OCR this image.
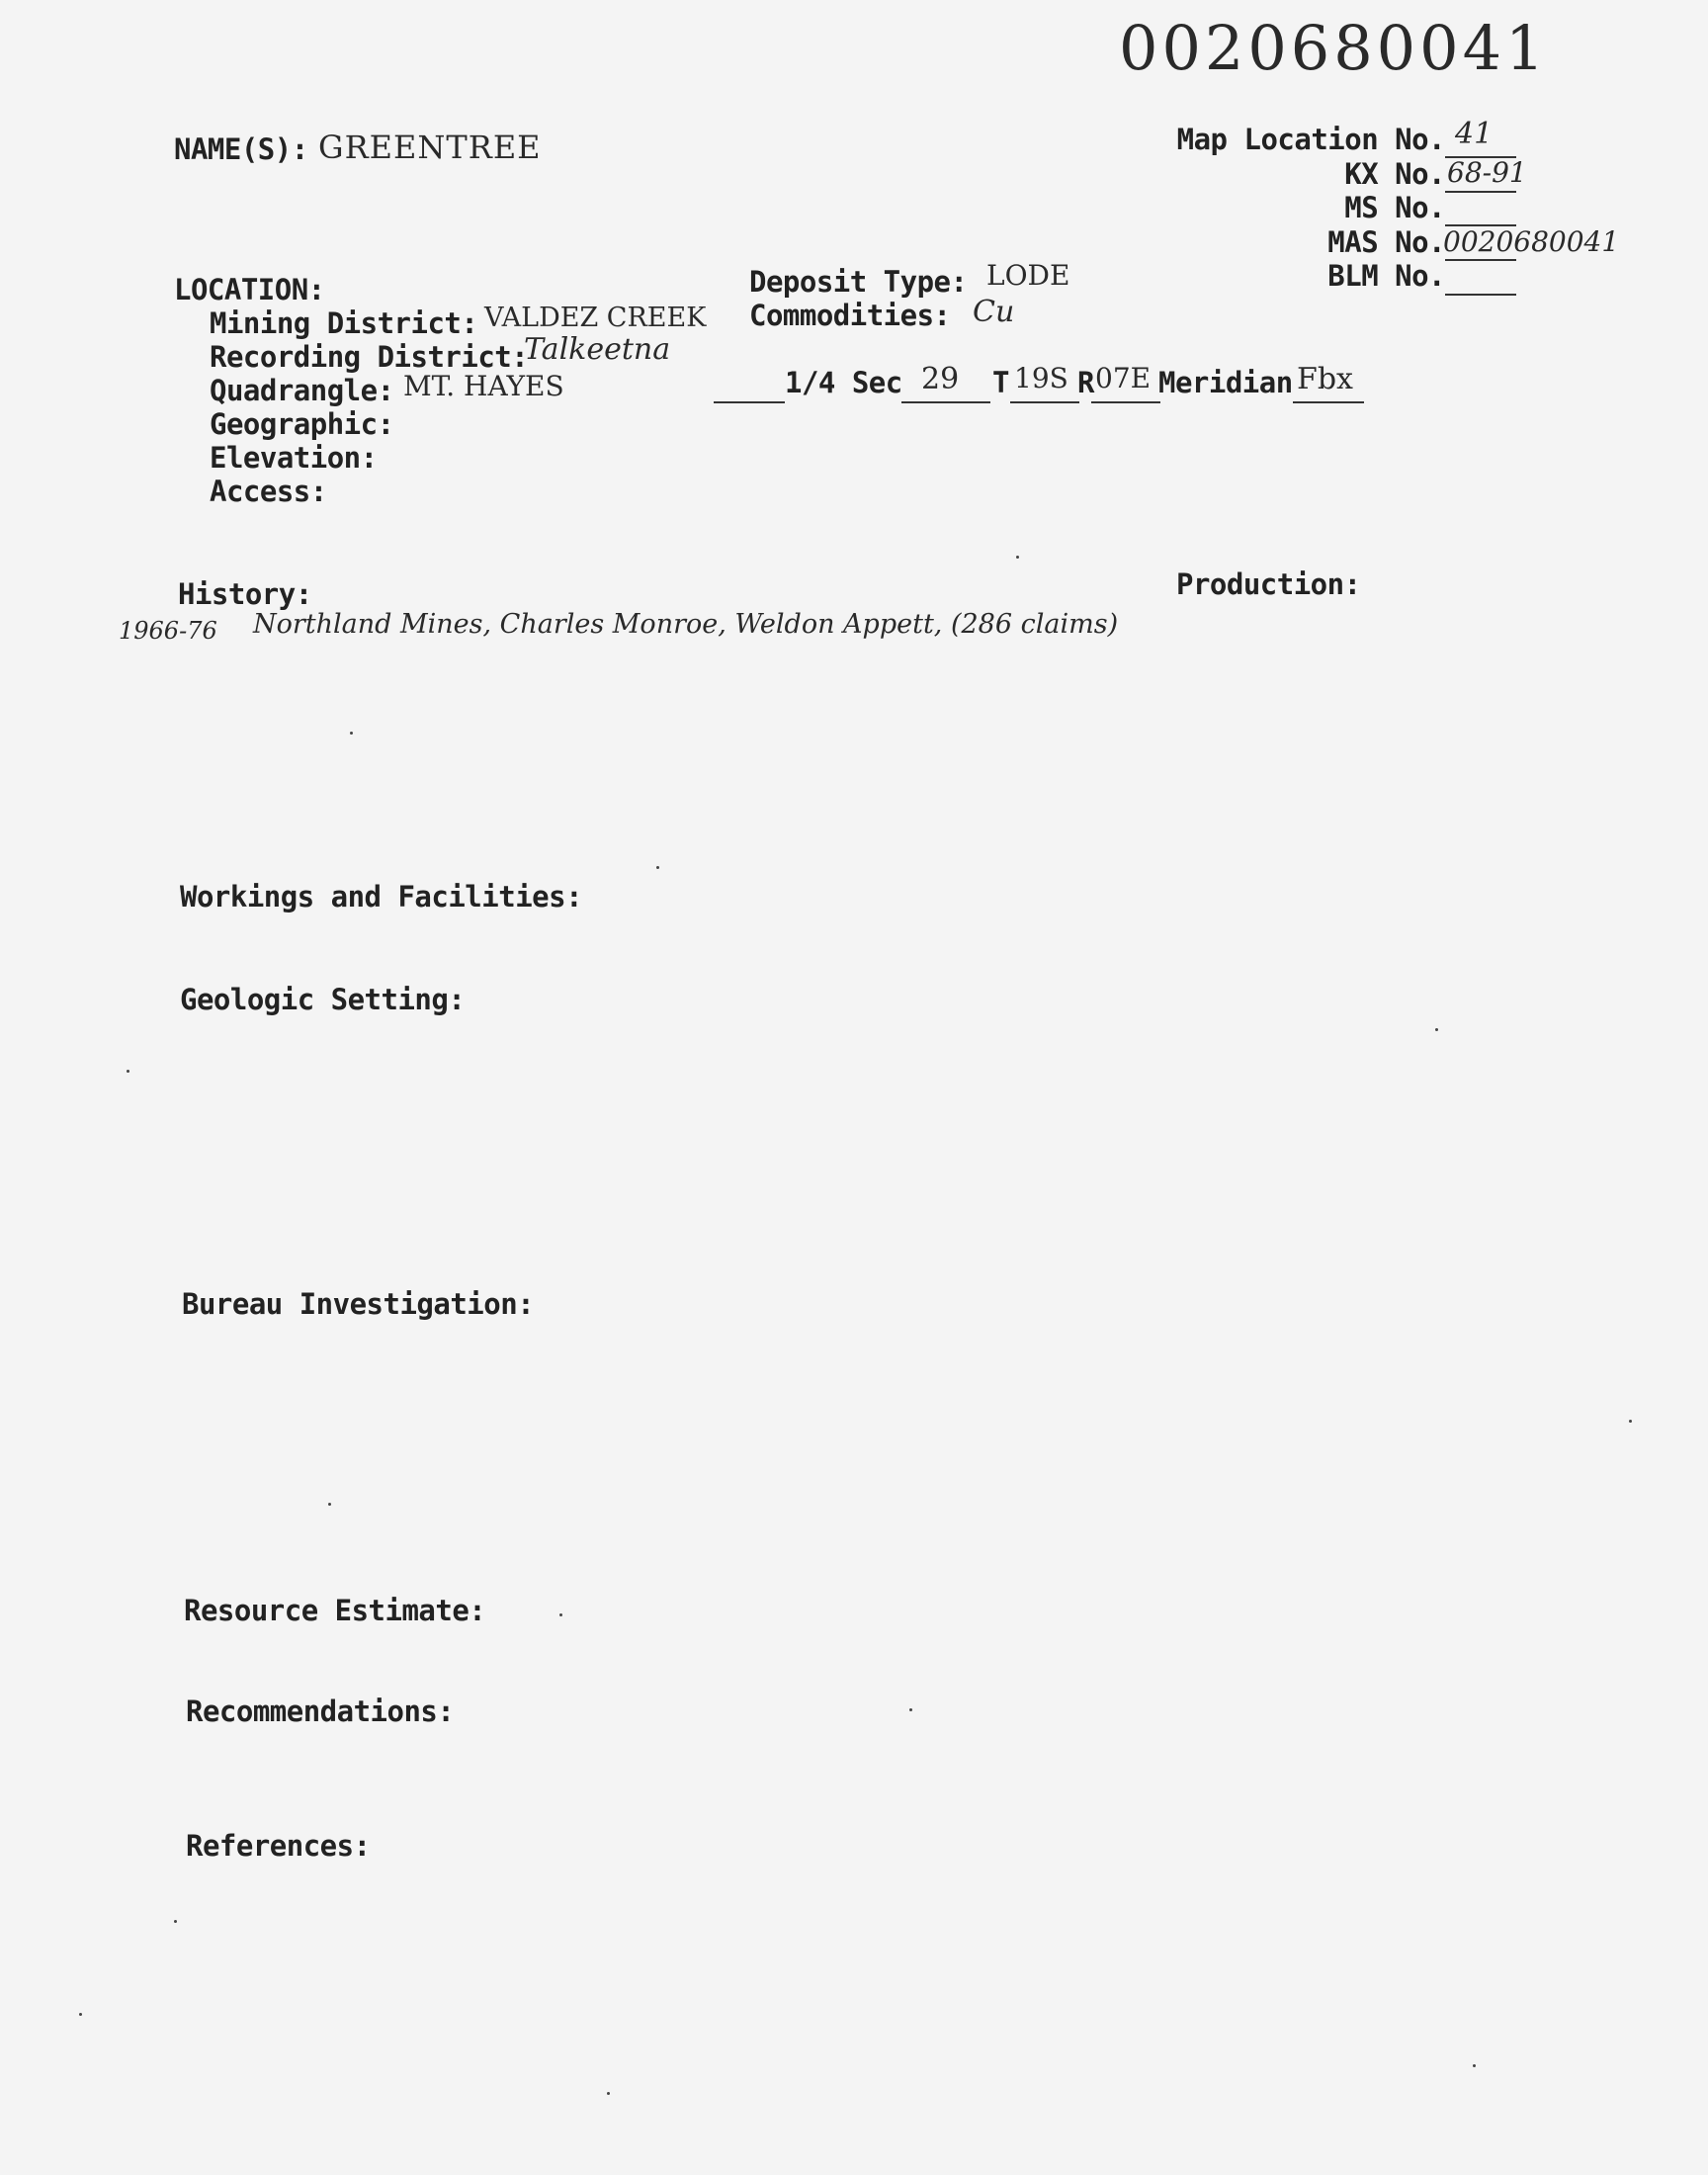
0020680041

NAME(S): GREENTREE	Map Location No. 41

KX No. 68-91

MS No.

MAS No.

0020680041

BLM No.

LOCATION:

Mining District: VALDEZ CREEK

Recording District:

Talkeetna

Quadrangle: MT. HAYES

Geographic:

Elevation:

Access:

Deposit Type: LODE

Commodities: Cu

1/4 Sec 29 T 19S R 07E Meridian Fbx

History:	Production:

1966-76 Northland Mines, Charles Monroe, Weldon Appett, (286 claims)

Workings and Facilities:

Geologic Setting:

Bureau Investigation:

Resource Estimate:

Recommendations:

References:
